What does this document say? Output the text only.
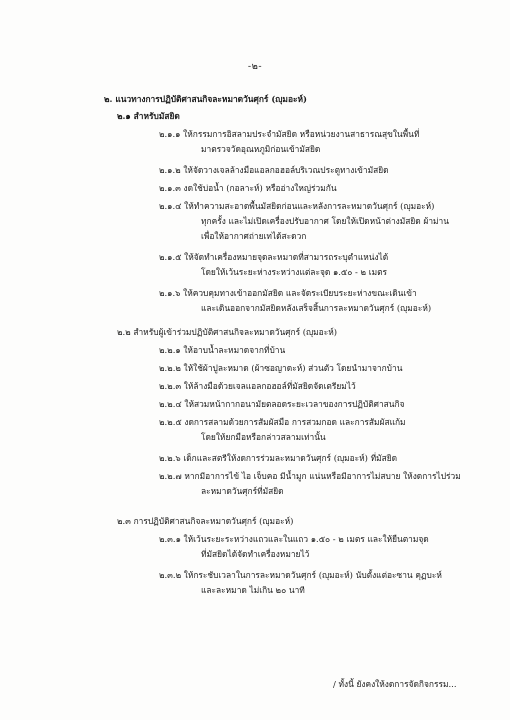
-๒-
๒. แนวทางการปฏิบัติศาสนกิจละหมาดวันศุกร์ (ญุมอะห์)
๒.๑ สำหรับมัสยิด
๒.๑.๑ ให้กรรมการอิสลามประจำมัสยิด หรือหน่วยงานสาธารณสุขในพื้นที่
มาตรวจวัดอุณหภูมิก่อนเข้ามัสยิด
๒.๑.๒ ให้จัดวางเจลล้างมือแอลกอฮอล์บริเวณประตูทางเข้ามัสยิด
๒.๑.๓ งดใช้บ่อน้ำ (กอลาะห์) หรืออ่างใหญ่ร่วมกัน
๒.๑.๔ ให้ทำความสะอาดพื้นมัสยิดก่อนและหลังการละหมาดวันศุกร์ (ญุมอะห์)
ทุกครั้ง และไม่เปิดเครื่องปรับอากาศ โดยให้เปิดหน้าต่างมัสยิด ผ้าม่าน
เพื่อให้อากาศถ่ายเทได้สะดวก
๒.๑.๕ ให้จัดทำเครื่องหมายจุดละหมาดที่สามารถระบุตำแหน่งได้
โดยให้เว้นระยะห่างระหว่างแต่ละจุด ๑.๕๐ - ๒ เมตร
๒.๑.๖ ให้ควบคุมทางเข้าออกมัสยิด และจัดระเบียบระยะห่างขณะเดินเข้า
และเดินออกจากมัสยิดหลังเสร็จสิ้นการละหมาดวันศุกร์ (ญุมอะห์)
๒.๒ สำหรับผู้เข้าร่วมปฏิบัติศาสนกิจละหมาดวันศุกร์ (ญุมอะห์)
๒.๒.๑ ให้อาบน้ำละหมาดจากที่บ้าน
๒.๒.๒ ให้ใช้ผ้าปูละหมาด (ผ้าซอญาดะห์) ส่วนตัว โดยนำมาจากบ้าน
๒.๒.๓ ให้ล้างมือด้วยเจลแอลกอฮอล์ที่มัสยิดจัดเตรียมไว้
๒.๒.๔ ให้สวมหน้ากากอนามัยตลอดระยะเวลาของการปฏิบัติศาสนกิจ
๒.๒.๕ งดการสลามด้วยการสัมผัสมือ การสวมกอด และการสัมผัสแก้ม
โดยให้ยกมือหรือกล่าวสลามเท่านั้น
๒.๒.๖ เด็กและสตรีให้งดการร่วมละหมาดวันศุกร์ (ญุมอะห์) ที่มัสยิด
๒.๒.๗ หากมีอาการไข้ ไอ เจ็บคอ มีน้ำมูก แน่นหรือมีอาการไม่สบาย ให้งดการไปร่วม
ละหมาดวันศุกร์ที่มัสยิด
๒.๓ การปฏิบัติศาสนกิจละหมาดวันศุกร์ (ญุมอะห์)
๒.๓.๑ ให้เว้นระยะระหว่างแถวและในแถว ๑.๕๐ - ๒ เมตร และให้ยืนตามจุด
ที่มัสยิดได้จัดทำเครื่องหมายไว้
๒.๓.๒ ให้กระชับเวลาในการละหมาดวันศุกร์ (ญุมอะห์) นับตั้งแต่อะซาน คุฏบะห์
และละหมาด ไม่เกิน ๒๐ นาที
/ ทั้งนี้ ยังคงให้งดการจัดกิจกรรม...
